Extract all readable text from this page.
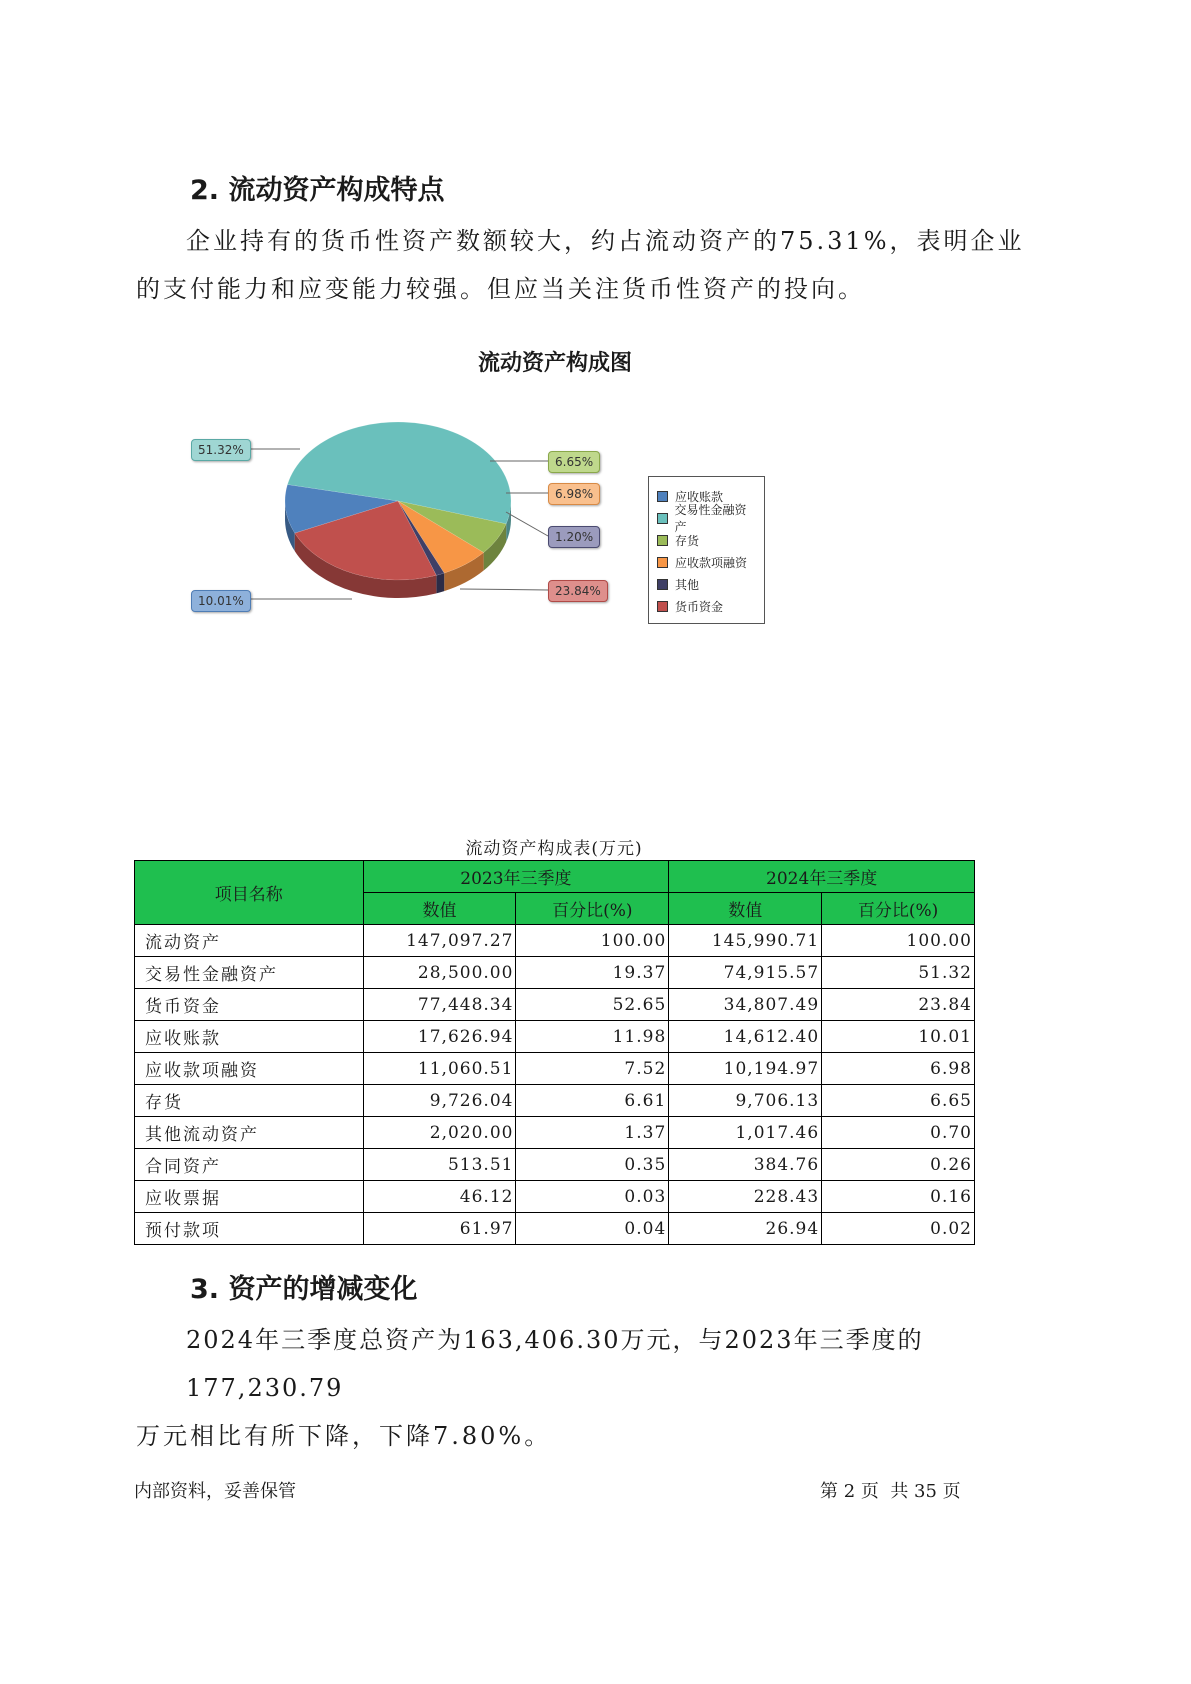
2. 流动资产构成特点
企业持有的货币性资产数额较大，约占流动资产的75.31%，表明企业
的支付能力和应变能力较强。但应当关注货币性资产的投向。
流动资产构成图
51.32%
6.65%
6.98%
1.20%
23.84%
10.01%
应收账款
交易性金融资产
存货
应收款项融资
其他
货币资金
流动资产构成表(万元)
项目名称	2023年三季度		2024年三季度	
	数值	百分比(%)	数值	百分比(%)
流动资产	147,097.27	100.00	145,990.71	100.00
交易性金融资产	28,500.00	19.37	74,915.57	51.32
货币资金	77,448.34	52.65	34,807.49	23.84
应收账款	17,626.94	11.98	14,612.40	10.01
应收款项融资	11,060.51	7.52	10,194.97	6.98
存货	9,726.04	6.61	9,706.13	6.65
其他流动资产	2,020.00	1.37	1,017.46	0.70
合同资产	513.51	0.35	384.76	0.26
应收票据	46.12	0.03	228.43	0.16
预付款项	61.97	0.04	26.94	0.02
3. 资产的增减变化
2024年三季度总资产为163,406.30万元，与2023年三季度的177,230.79
万元相比有所下降，下降7.80%。
内部资料，妥善保管	第 2 页  共 35 页
